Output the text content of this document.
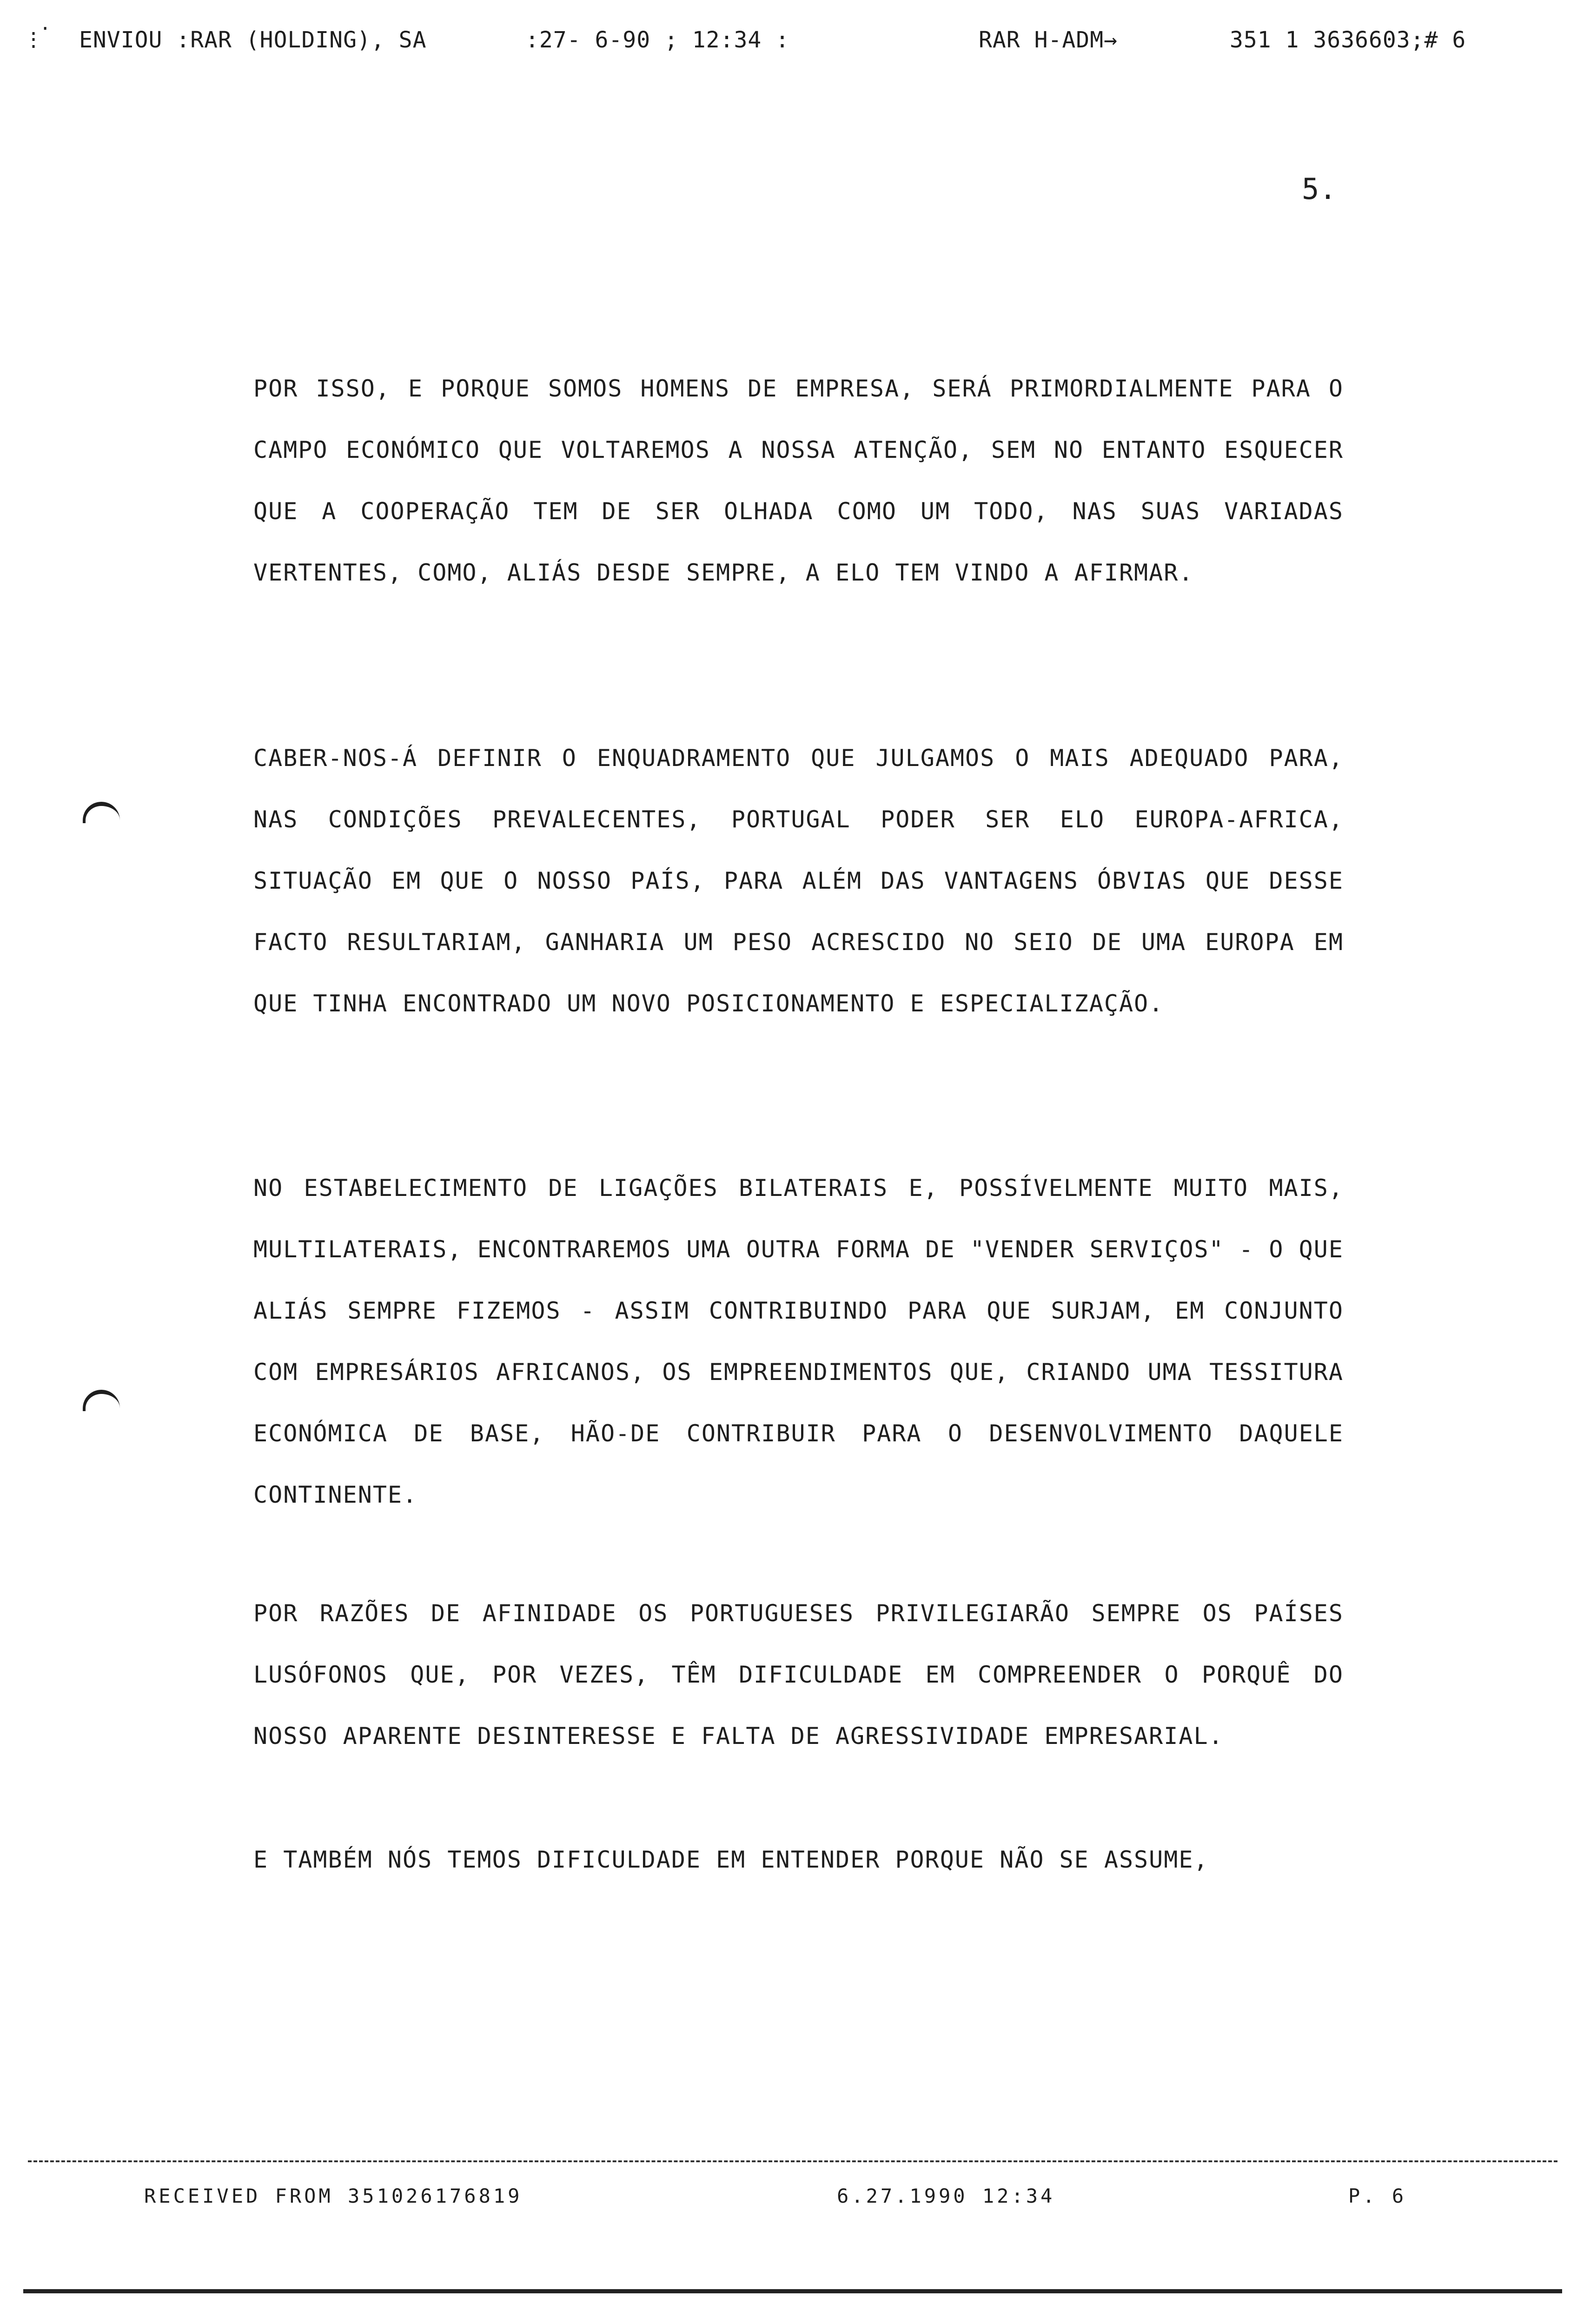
.·
:	ENVIOU :RAR (HOLDING), SA	:27- 6-90 ; 12:34 :	RAR H-ADM→	351 1 3636603;# 6
5.

POR ISSO, E PORQUE SOMOS HOMENS DE EMPRESA, SERÁ PRIMORDIALMENTE PARA O CAMPO ECONÓMICO QUE VOLTAREMOS A NOSSA ATENÇÃO, SEM NO ENTANTO ESQUECER QUE A COOPERAÇÃO TEM DE SER OLHADA COMO UM TODO, NAS SUAS VARIADAS VERTENTES, COMO, ALIÁS DESDE SEMPRE, A ELO TEM VINDO A AFIRMAR.

CABER-NOS-Á DEFINIR O ENQUADRAMENTO QUE JULGAMOS O MAIS ADEQUADO PARA, NAS CONDIÇÕES PREVALECENTES, PORTUGAL PODER SER ELO EUROPA-AFRICA, SITUAÇÃO EM QUE O NOSSO PAÍS, PARA ALÉM DAS VANTAGENS ÓBVIAS QUE DESSE FACTO RESULTARIAM, GANHARIA UM PESO ACRESCIDO NO SEIO DE UMA EUROPA EM QUE TINHA ENCONTRADO UM NOVO POSICIONAMENTO E ESPECIALIZAÇÃO.

NO ESTABELECIMENTO DE LIGAÇÕES BILATERAIS E, POSSÍVELMENTE MUITO MAIS, MULTILATERAIS, ENCONTRAREMOS UMA OUTRA FORMA DE "VENDER SERVIÇOS" - O QUE ALIÁS SEMPRE FIZEMOS - ASSIM CONTRIBUINDO PARA QUE SURJAM, EM CONJUNTO COM EMPRESÁRIOS AFRICANOS, OS EMPREENDIMENTOS QUE, CRIANDO UMA TESSITURA ECONÓMICA DE BASE, HÃO-DE CONTRIBUIR PARA O DESENVOLVIMENTO DAQUELE CONTINENTE.

POR RAZÕES DE AFINIDADE OS PORTUGUESES PRIVILEGIARÃO SEMPRE OS PAÍSES LUSÓFONOS QUE, POR VEZES, TÊM DIFICULDADE EM COMPREENDER O PORQUÊ DO NOSSO APARENTE DESINTERESSE E FALTA DE AGRESSIVIDADE EMPRESARIAL.

E TAMBÉM NÓS TEMOS DIFICULDADE EM ENTENDER PORQUE NÃO SE ASSUME,

RECEIVED FROM 351026176819	6.27.1990 12:34	P. 6
